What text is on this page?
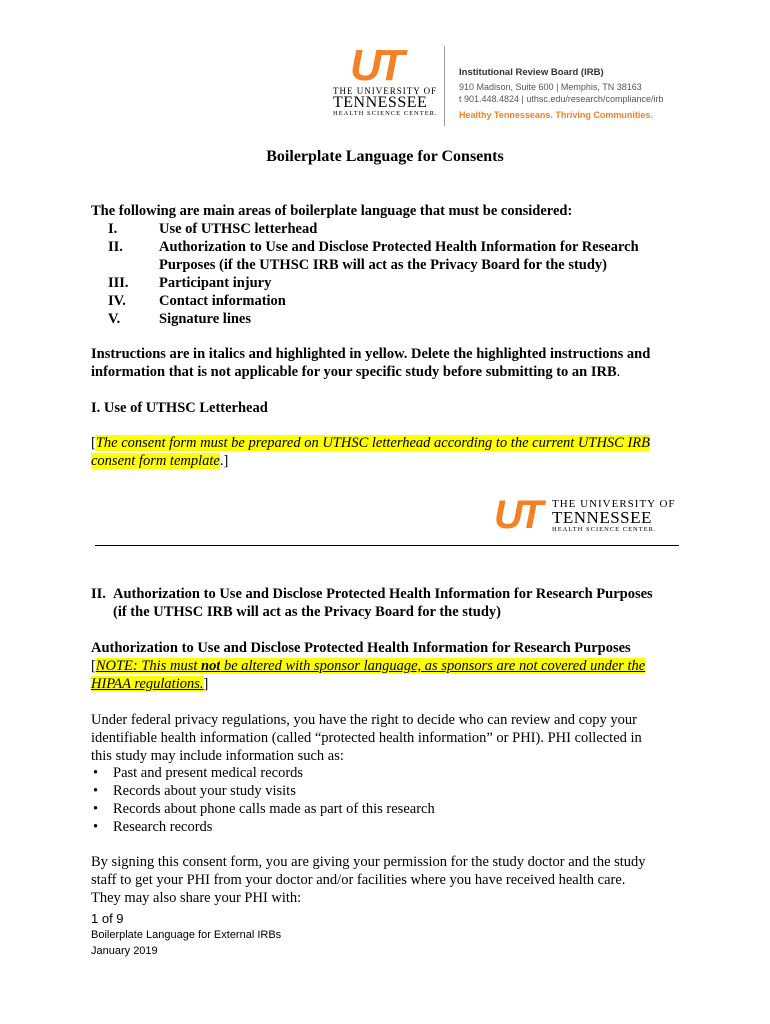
UT
THE UNIVERSITY OF
TENNESSEE
HEALTH SCIENCE CENTER.
Institutional Review Board (IRB)
910 Madison, Suite 600 | Memphis, TN 38163
t 901.448.4824 | uthsc.edu/research/compliance/irb
Healthy Tennesseans. Thriving Communities.
Boilerplate Language for Consents
The following are main areas of boilerplate language that must be considered:
I.	Use of UTHSC letterhead
II. Authorization to Use and Disclose Protected Health Information for Research
Purposes (if the UTHSC IRB will act as the Privacy Board for the study)
III. Participant injury
IV. Contact information
V.	Signature lines
Instructions are in italics and highlighted in yellow. Delete the highlighted instructions and
information that is not applicable for your specific study before submitting to an IRB.
I. Use of UTHSC Letterhead
[The consent form must be prepared on UTHSC letterhead according to the current UTHSC IRB
consent form template.]
UT THE UNIVERSITY OF
TENNESSEE
HEALTH SCIENCE CENTER.
II. Authorization to Use and Disclose Protected Health Information for Research Purposes
(if the UTHSC IRB will act as the Privacy Board for the study)
Authorization to Use and Disclose Protected Health Information for Research Purposes
[NOTE: This must not be altered with sponsor language, as sponsors are not covered under the
HIPAA regulations.]
Under federal privacy regulations, you have the right to decide who can review and copy your
identifiable health information (called “protected health information” or PHI). PHI collected in
this study may include information such as:
• Past and present medical records
• Records about your study visits
• Records about phone calls made as part of this research
• Research records
By signing this consent form, you are giving your permission for the study doctor and the study
staff to get your PHI from your doctor and/or facilities where you have received health care.
They may also share your PHI with:
1 of 9
Boilerplate Language for External IRBs
January 2019
